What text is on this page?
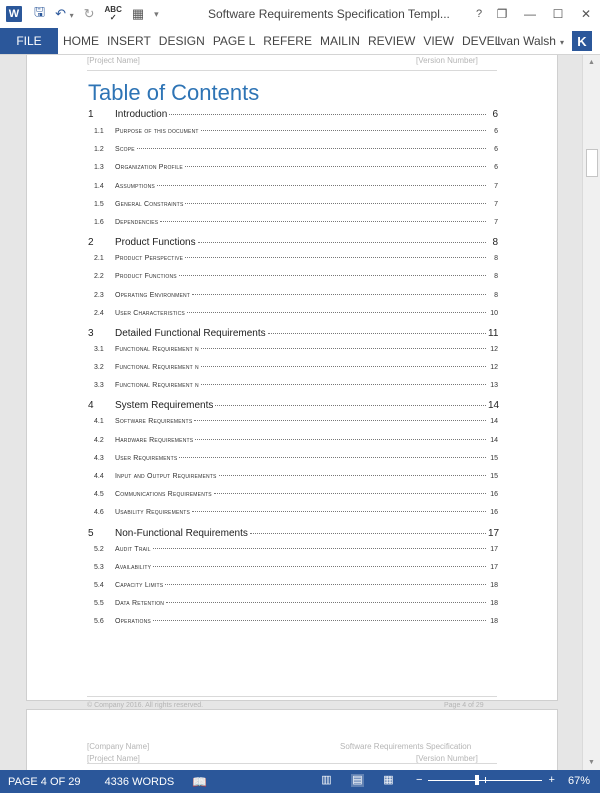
W 🖫 ↶ ▾ ↻ ABC
✓	▦ ▾	Software Requirements Specification Templ...	?	❐	—	☐	✕
FILE	HOME INSERT DESIGN PAGE L REFERE MAILIN REVIEW VIEW DEVEL
Ivan Walsh ▾	K
[Project Name]	[Version Number]
Table of Contents
1	Introduction	6
1.1	Purpose of this document	6
1.2	Scope	6
1.3	Organization Profile	6
1.4	Assumptions	7
1.5	General Constraints	7
1.6	Dependencies	7
2	Product Functions	8
2.1	Product Perspective	8
2.2	Product Functions	8
2.3	Operating Environment	8
2.4	User Characteristics	10
3	Detailed Functional Requirements	11
3.1	Functional Requirement n	12
3.2	Functional Requirement n	12
3.3	Functional Requirement n	13
4	System Requirements	14
4.1	Software Requirements	14
4.2	Hardware Requirements	14
4.3	User Requirements	15
4.4	Input and Output Requirements	15
4.5	Communications Requirements	16
4.6	Usability Requirements	16
5	Non-Functional Requirements	17
5.2	Audit Trail	17
5.3	Availability	17
5.4	Capacity Limits	18
5.5	Data Retention	18
5.6	Operations	18
© Company 2016. All rights reserved.	Page 4 of 29
[Company Name]	Software Requirements Specification
[Project Name]	[Version Number]
▲
▼
PAGE 4 OF 29 4336 WORDS 📖	▥ ▤ ▦ −	+ 67%
